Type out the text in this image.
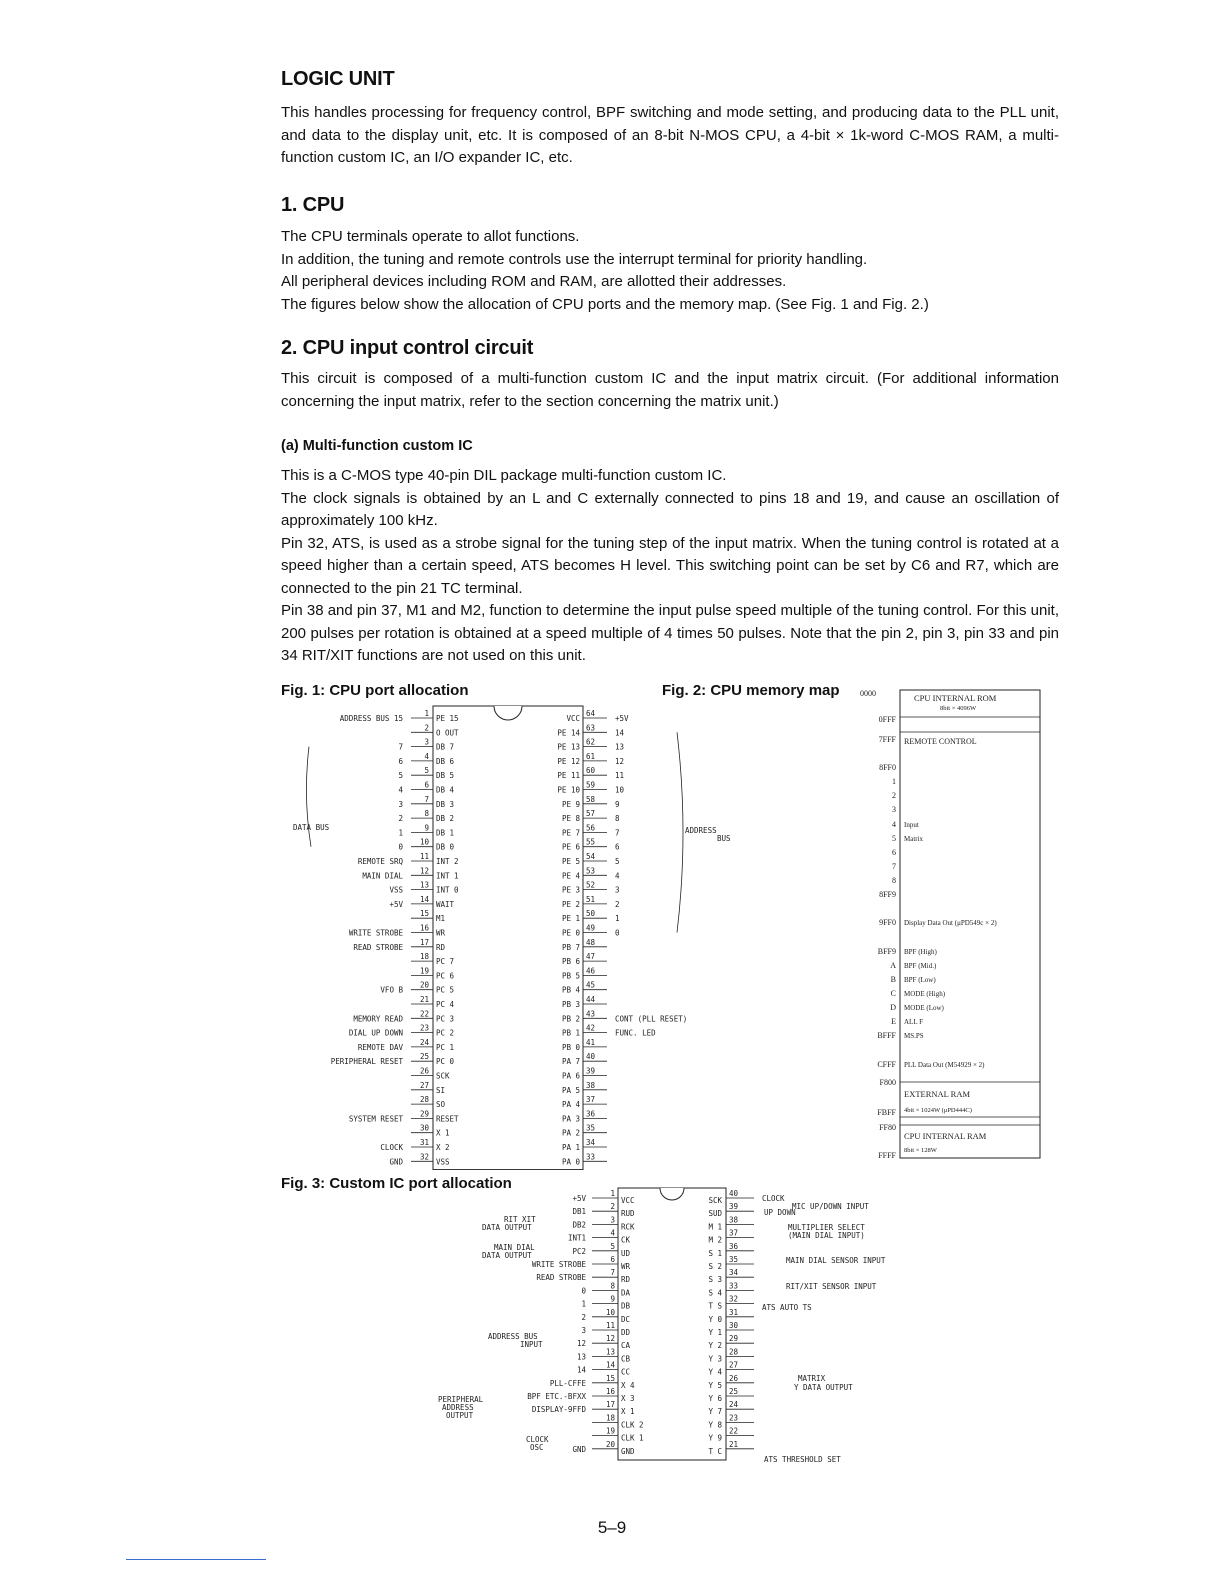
LOGIC UNIT

This handles processing for frequency control, BPF switching and mode setting, and producing data to the PLL unit, and data to the display unit, etc. It is composed of an 8-bit N-MOS CPU, a 4-bit × 1k-word C-MOS RAM, a multi-function custom IC, an I/O expander IC, etc.

1. CPU

The CPU terminals operate to allot functions.

In addition, the tuning and remote controls use the interrupt terminal for priority handling.

All peripheral devices including ROM and RAM, are allotted their addresses.

The figures below show the allocation of CPU ports and the memory map. (See Fig. 1 and Fig. 2.)

2. CPU input control circuit

This circuit is composed of a multi-function custom IC and the input matrix circuit. (For additional information concerning the input matrix, refer to the section concerning the matrix unit.)

(a) Multi-function custom IC

This is a C-MOS type 40-pin DIL package multi-function custom IC.

The clock signals is obtained by an L and C externally connected to pins 18 and 19, and cause an oscillation of approximately 100 kHz.

Pin 32, ATS, is used as a strobe signal for the tuning step of the input matrix. When the tuning control is rotated at a speed higher than a certain speed, ATS becomes H level. This switching point can be set by C6 and R7, which are connected to the pin 21 TC terminal.

Pin 38 and pin 37, M1 and M2, function to determine the input pulse speed multiple of the tuning control. For this unit, 200 pulses per rotation is obtained at a speed multiple of 4 times 50 pulses. Note that the pin 2, pin 3, pin 33 and pin 34 RIT/XIT functions are not used on this unit.

Fig. 1: CPU port allocation	Fig. 2: CPU memory map
Fig. 3: Custom IC port allocation
1
PE 15
64
VCC
2
O OUT
63
PE 14
3
DB 7
62
PE 13
4
DB 6
61
PE 12
5
DB 5
60
PE 11
6
DB 4
59
PE 10
7
DB 3
58
PE 9
8
DB 2
57
PE 8
9
DB 1
56
PE 7
10
DB 0
55
PE 6
11
INT 2
54
PE 5
12
INT 1
53
PE 4
13
INT 0
52
PE 3
14
WAIT
51
PE 2
15
M1
50
PE 1
16
WR
49
PE 0
17
RD
48
PB 7
18
PC 7
47
PB 6
19
PC 6
46
PB 5
20
PC 5
45
PB 4
21
PC 4
44
PB 3
22
PC 3
43
PB 2
23
PC 2
42
PB 1
24
PC 1
41
PB 0
25
PC 0
40
PA 7
26
SCK
39
PA 6
27
SI
38
PA 5
28
SO
37
PA 4
29
RESET
36
PA 3
30
X 1
35
PA 2
31
X 2
34
PA 1
32
VSS
33
PA 0
ADDRESS BUS 15
7
6
5
4
3
2
1
0
REMOTE SRQ
MAIN DIAL
VSS
+5V
WRITE STROBE
READ STROBE
VFO B
MEMORY READ
DIAL UP DOWN
REMOTE DAV
PERIPHERAL RESET
SYSTEM RESET
CLOCK
GND
+5V
14
13
12
11
10
9
8
7
6
5
4
3
2
1
0
CONT (PLL RESET)
FUNC. LED
DATA BUS	ADDRESS
BUS
0FFF
7FFF
8FF0
1
2
3
4 Input
5 Matrix
6
7
8
8FF9
9FF0 Display Data Out (μPD549c × 2)
BFF9 BPF (High)
A BPF (Mid.)
B BPF (Low)
C MODE (High)
D MODE (Low)
E ALL F
BFFF MS.PS
CFFF PLL Data Out (M54929 × 2)
F800
FBFF
FF80
FFFF
0000	CPU INTERNAL ROM
8bit × 4096W
REMOTE CONTROL
EXTERNAL RAM
4bit × 1024W (μPD444C)
CPU INTERNAL RAM
8bit × 128W
1
VCC
40
SCK
2
RUD
39
SUD
3
RCK
38
M 1
4
CK
37
M 2
5
UD
36
S 1
6
WR
35
S 2
7
RD
34
S 3
8
DA
33
S 4
9
DB
32
T S
10
DC
31
Y 0
11
DD
30
Y 1
12
CA
29
Y 2
13
CB
28
Y 3
14
CC
27
Y 4
15
X 4
26
Y 5
16
X 3
25
Y 6
17
X 1
24
Y 7
18
CLK 2
23
Y 8
19
CLK 1
22
Y 9
20
GND
21
T C
+5V
DB1
DB2
INT1
PC2
WRITE STROBE
READ STROBE
0
1
2
3
12
13
14
PLL-CFFE
BPF ETC.-BFXX
DISPLAY-9FFD
GND
RIT XIT
DATA OUTPUT
MAIN DIAL
DATA OUTPUT
ADDRESS BUS
INPUT
PERIPHERAL
ADDRESS
OUTPUT
CLOCK
OSC
CLOCK
MIC UP/DOWN INPUT
UP DOWN
MULTIPLIER SELECT
(MAIN DIAL INPUT)
MAIN DIAL SENSOR INPUT
RIT/XIT SENSOR INPUT
ATS AUTO TS
MATRIX
Y DATA OUTPUT
ATS THRESHOLD SET
5–9
